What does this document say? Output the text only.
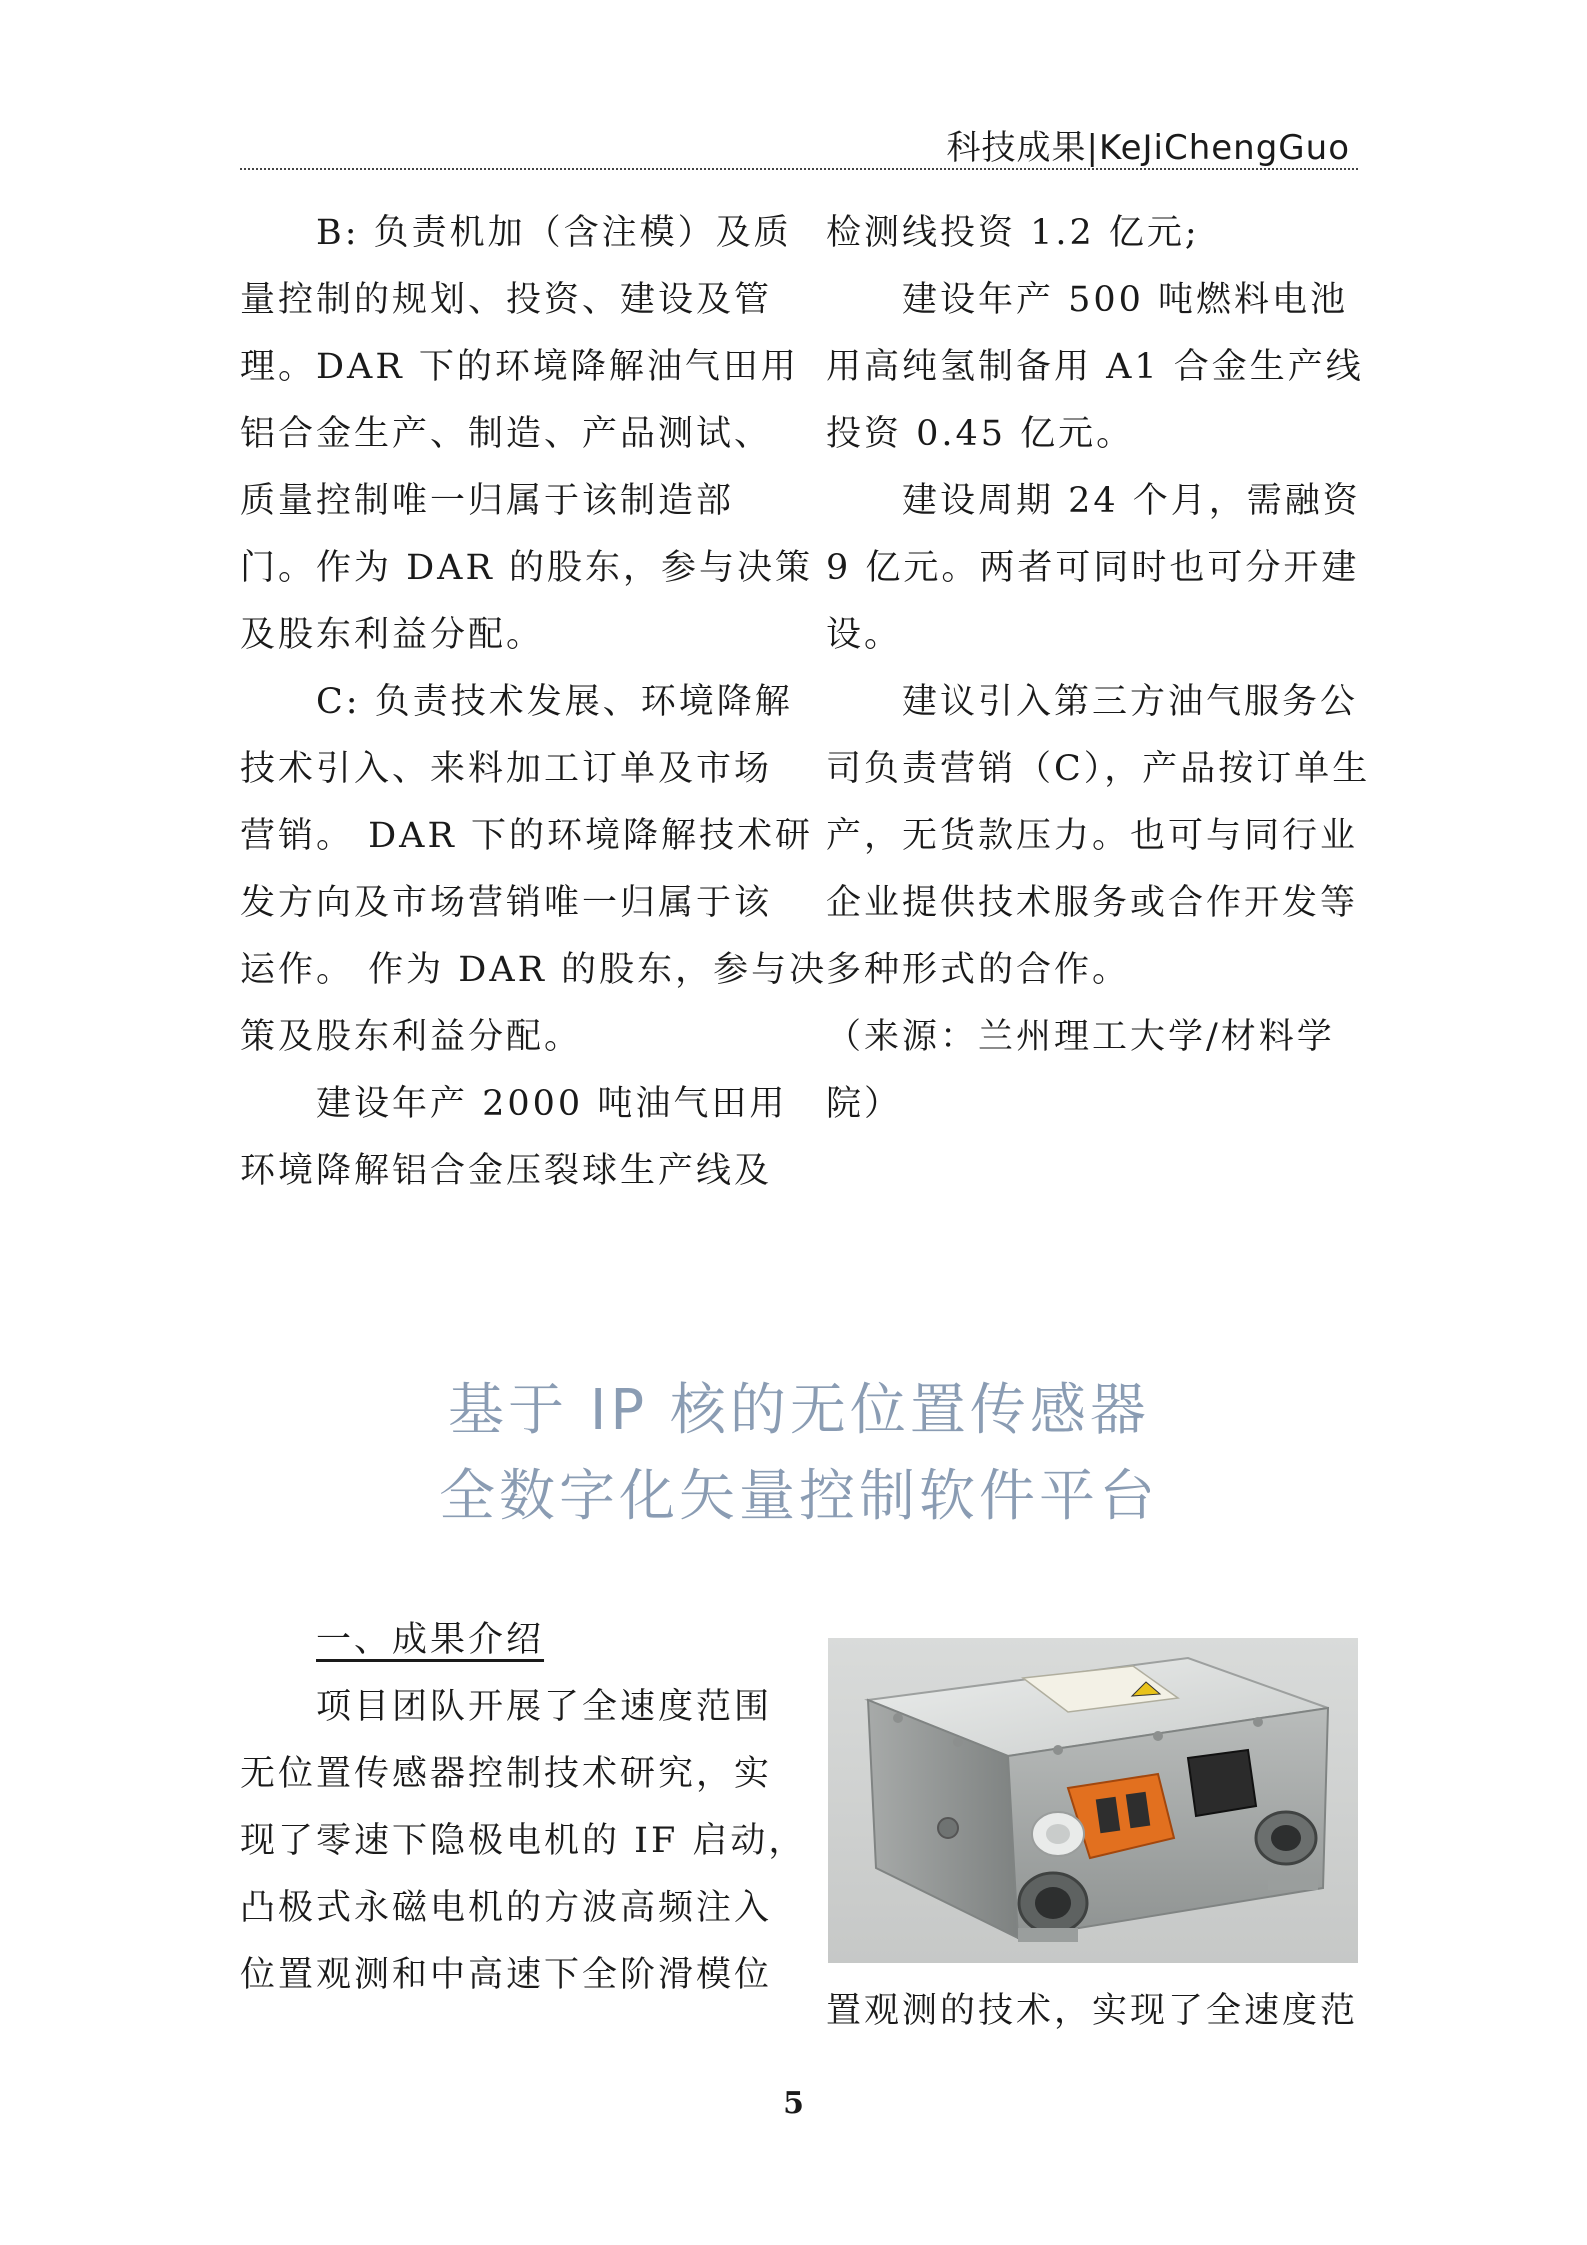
科技成果|KeJiChengGuo
　　B: 负责机加（含注模）及质
量控制的规划、投资、建设及管
理。DAR 下的环境降解油气田用
铝合金生产、制造、产品测试、
质量控制唯一归属于该制造部
门。作为 DAR 的股东，参与决策
及股东利益分配。
　　C: 负责技术发展、环境降解
技术引入、来料加工订单及市场
营销。 DAR 下的环境降解技术研
发方向及市场营销唯一归属于该
运作。 作为 DAR 的股东，参与决
策及股东利益分配。
　　建设年产 2000 吨油气田用
环境降解铝合金压裂球生产线及
检测线投资 1.2 亿元;
　　建设年产 500 吨燃料电池
用高纯氢制备用 A1 合金生产线
投资 0.45 亿元。
　　建设周期 24 个月，需融资
9 亿元。两者可同时也可分开建
设。
　　建议引入第三方油气服务公
司负责营销（C），产品按订单生
产，无货款压力。也可与同行业
企业提供技术服务或合作开发等
多种形式的合作。
（来源：兰州理工大学/材料学
院）
基于 IP 核的无位置传感器
全数字化矢量控制软件平台
　　一、成果介绍
　　项目团队开展了全速度范围
无位置传感器控制技术研究，实
现了零速下隐极电机的 IF 启动，
凸极式永磁电机的方波高频注入
位置观测和中高速下全阶滑模位
置观测的技术，实现了全速度范
5
